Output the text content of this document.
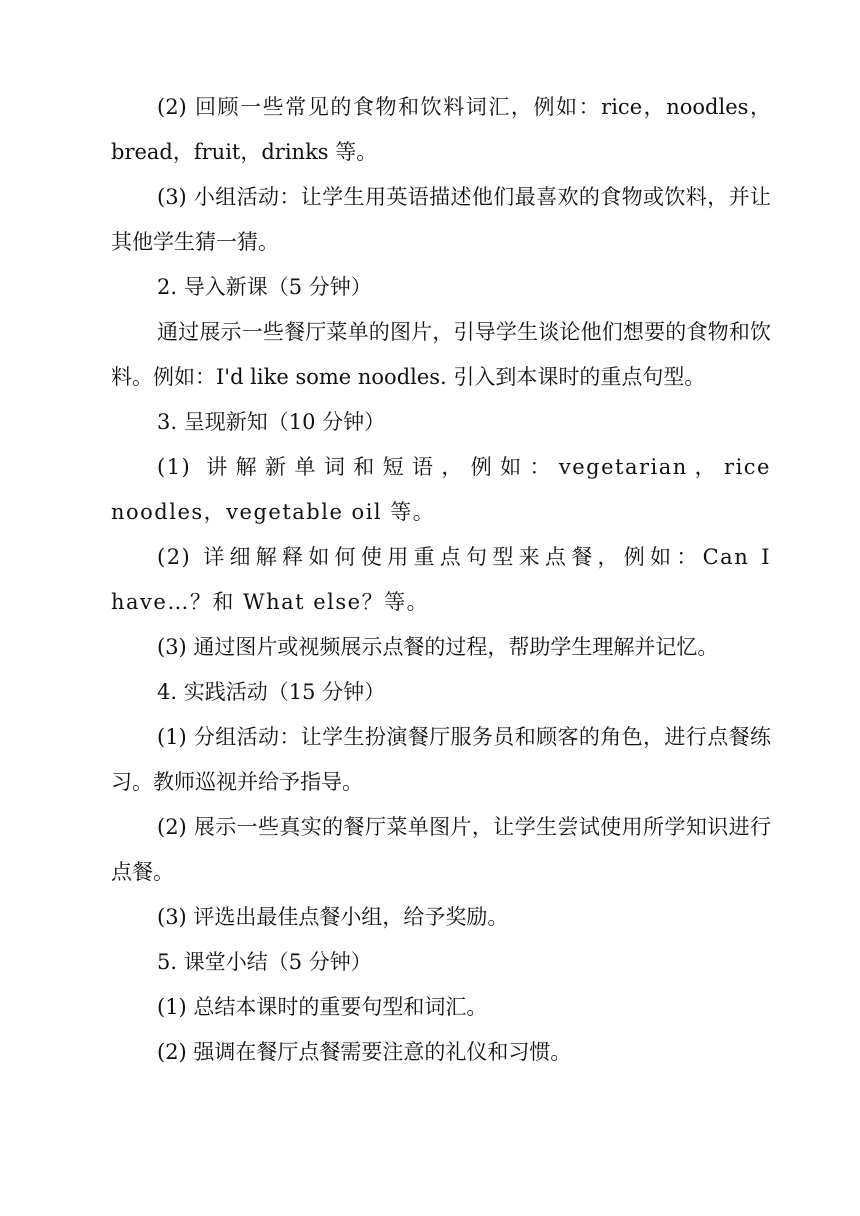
(2) 回顾一些常见的食物和饮料词汇，例如：rice，noodles，bread，fruit，drinks 等。

(3) 小组活动：让学生用英语描述他们最喜欢的食物或饮料，并让其他学生猜一猜。

2. 导入新课（5 分钟）

通过展示一些餐厅菜单的图片，引导学生谈论他们想要的食物和饮料。例如：I'd like some noodles. 引入到本课时的重点句型。

3. 呈现新知（10 分钟）

(1) 讲解新单词和短语，例如：vegetarian，rice noodles，vegetable oil 等。

(2) 详细解释如何使用重点句型来点餐，例如：Can I have…？和 What else？等。

(3) 通过图片或视频展示点餐的过程，帮助学生理解并记忆。

4. 实践活动（15 分钟）

(1) 分组活动：让学生扮演餐厅服务员和顾客的角色，进行点餐练习。教师巡视并给予指导。

(2) 展示一些真实的餐厅菜单图片，让学生尝试使用所学知识进行点餐。

(3) 评选出最佳点餐小组，给予奖励。

5. 课堂小结（5 分钟）

(1) 总结本课时的重要句型和词汇。

(2) 强调在餐厅点餐需要注意的礼仪和习惯。
